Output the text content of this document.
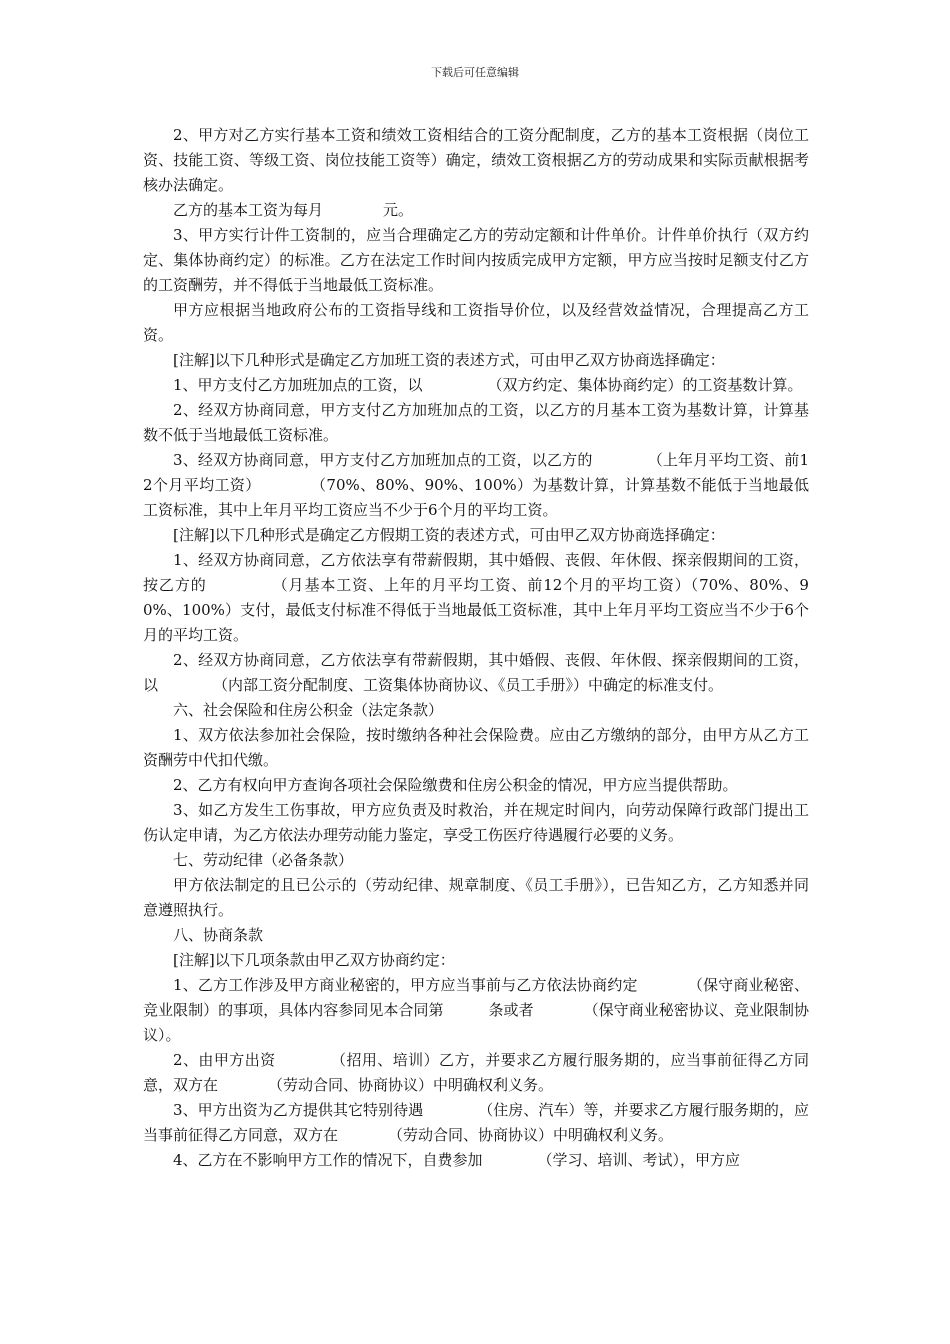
下载后可任意编辑

2、甲方对乙方实行基本工资和绩效工资相结合的工资分配制度，乙方的基本工资根据（岗位工资、技能工资、等级工资、岗位技能工资等）确定，绩效工资根据乙方的劳动成果和实际贡献根据考核办法确定。

乙方的基本工资为每月	元。

3、甲方实行计件工资制的，应当合理确定乙方的劳动定额和计件单价。计件单价执行（双方约定、集体协商约定）的标准。乙方在法定工作时间内按质完成甲方定额，甲方应当按时足额支付乙方的工资酬劳，并不得低于当地最低工资标准。

甲方应根据当地政府公布的工资指导线和工资指导价位，以及经营效益情况，合理提高乙方工资。

[注解]以下几种形式是确定乙方加班工资的表述方式，可由甲乙双方协商选择确定：

1、甲方支付乙方加班加点的工资，以	（双方约定、集体协商约定）的工资基数计算。

2、经双方协商同意，甲方支付乙方加班加点的工资，以乙方的月基本工资为基数计算，计算基数不低于当地最低工资标准。

3、经双方协商同意，甲方支付乙方加班加点的工资，以乙方的	（上年月平均工资、前12个月平均工资）	（70%、80%、90%、100%）为基数计算，计算基数不能低于当地最低工资标准，其中上年月平均工资应当不少于6个月的平均工资。

[注解]以下几种形式是确定乙方假期工资的表述方式，可由甲乙双方协商选择确定：

1、经双方协商同意，乙方依法享有带薪假期，其中婚假、丧假、年休假、探亲假期间的工资，按乙方的	（月基本工资、上年的月平均工资、前12个月的平均工资）（70%、80%、90%、100%）支付，最低支付标准不得低于当地最低工资标准，其中上年月平均工资应当不少于6个月的平均工资。

2、经双方协商同意，乙方依法享有带薪假期，其中婚假、丧假、年休假、探亲假期间的工资，以	（内部工资分配制度、工资集体协商协议、《员工手册》）中确定的标准支付。

六、社会保险和住房公积金（法定条款）

1、双方依法参加社会保险，按时缴纳各种社会保险费。应由乙方缴纳的部分，由甲方从乙方工资酬劳中代扣代缴。

2、乙方有权向甲方查询各项社会保险缴费和住房公积金的情况，甲方应当提供帮助。

3、如乙方发生工伤事故，甲方应负责及时救治，并在规定时间内，向劳动保障行政部门提出工伤认定申请，为乙方依法办理劳动能力鉴定，享受工伤医疗待遇履行必要的义务。

七、劳动纪律（必备条款）

甲方依法制定的且已公示的（劳动纪律、规章制度、《员工手册》），已告知乙方，乙方知悉并同意遵照执行。

八、协商条款

[注解]以下几项条款由甲乙双方协商约定：

1、乙方工作涉及甲方商业秘密的，甲方应当事前与乙方依法协商约定	（保守商业秘密、竞业限制）的事项，具体内容参同见本合同第	条或者	（保守商业秘密协议、竞业限制协议）。

2、由甲方出资	（招用、培训）乙方，并要求乙方履行服务期的，应当事前征得乙方同意，双方在	（劳动合同、协商协议）中明确权利义务。

3、甲方出资为乙方提供其它特别待遇	（住房、汽车）等，并要求乙方履行服务期的，应当事前征得乙方同意，双方在	（劳动合同、协商协议）中明确权利义务。

4、乙方在不影响甲方工作的情况下，自费参加	（学习、培训、考试），甲方应
